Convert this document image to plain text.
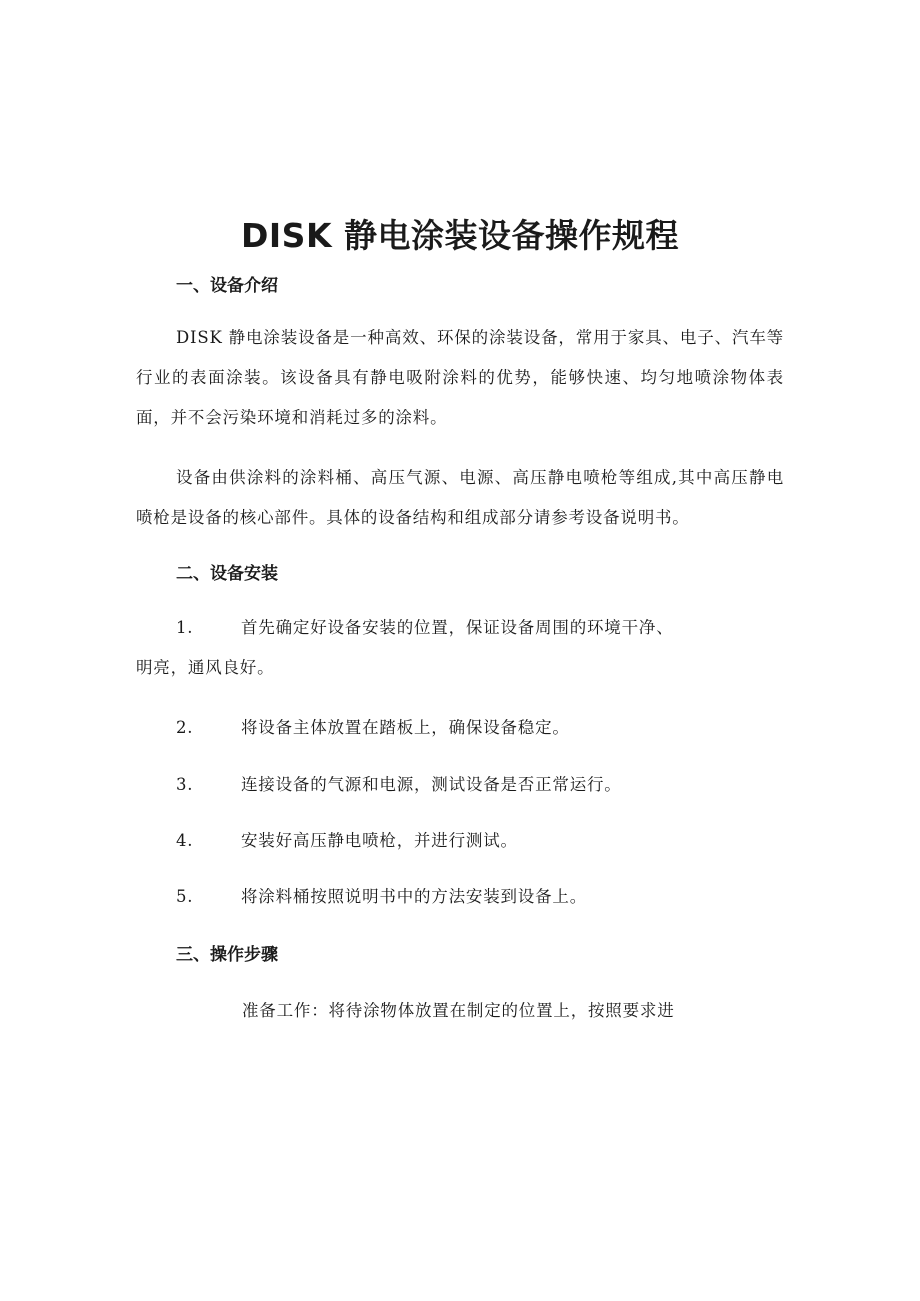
DISK 静电涂装设备操作规程
一、设备介绍

DISK 静电涂装设备是一种高效、环保的涂装设备，常用于家具、电子、汽车等行业的表面涂装。该设备具有静电吸附涂料的优势，能够快速、均匀地喷涂物体表面，并不会污染环境和消耗过多的涂料。

设备由供涂料的涂料桶、高压气源、电源、高压静电喷枪等组成,其中高压静电喷枪是设备的核心部件。具体的设备结构和组成部分请参考设备说明书。

二、设备安装
1.	首先确定好设备安装的位置，保证设备周围的环境干净、
明亮，通风良好。
2.	将设备主体放置在踏板上，确保设备稳定。
3.	连接设备的气源和电源，测试设备是否正常运行。
4.	安装好高压静电喷枪，并进行测试。
5.	将涂料桶按照说明书中的方法安装到设备上。
三、操作步骤

准备工作：将待涂物体放置在制定的位置上，按照要求进
